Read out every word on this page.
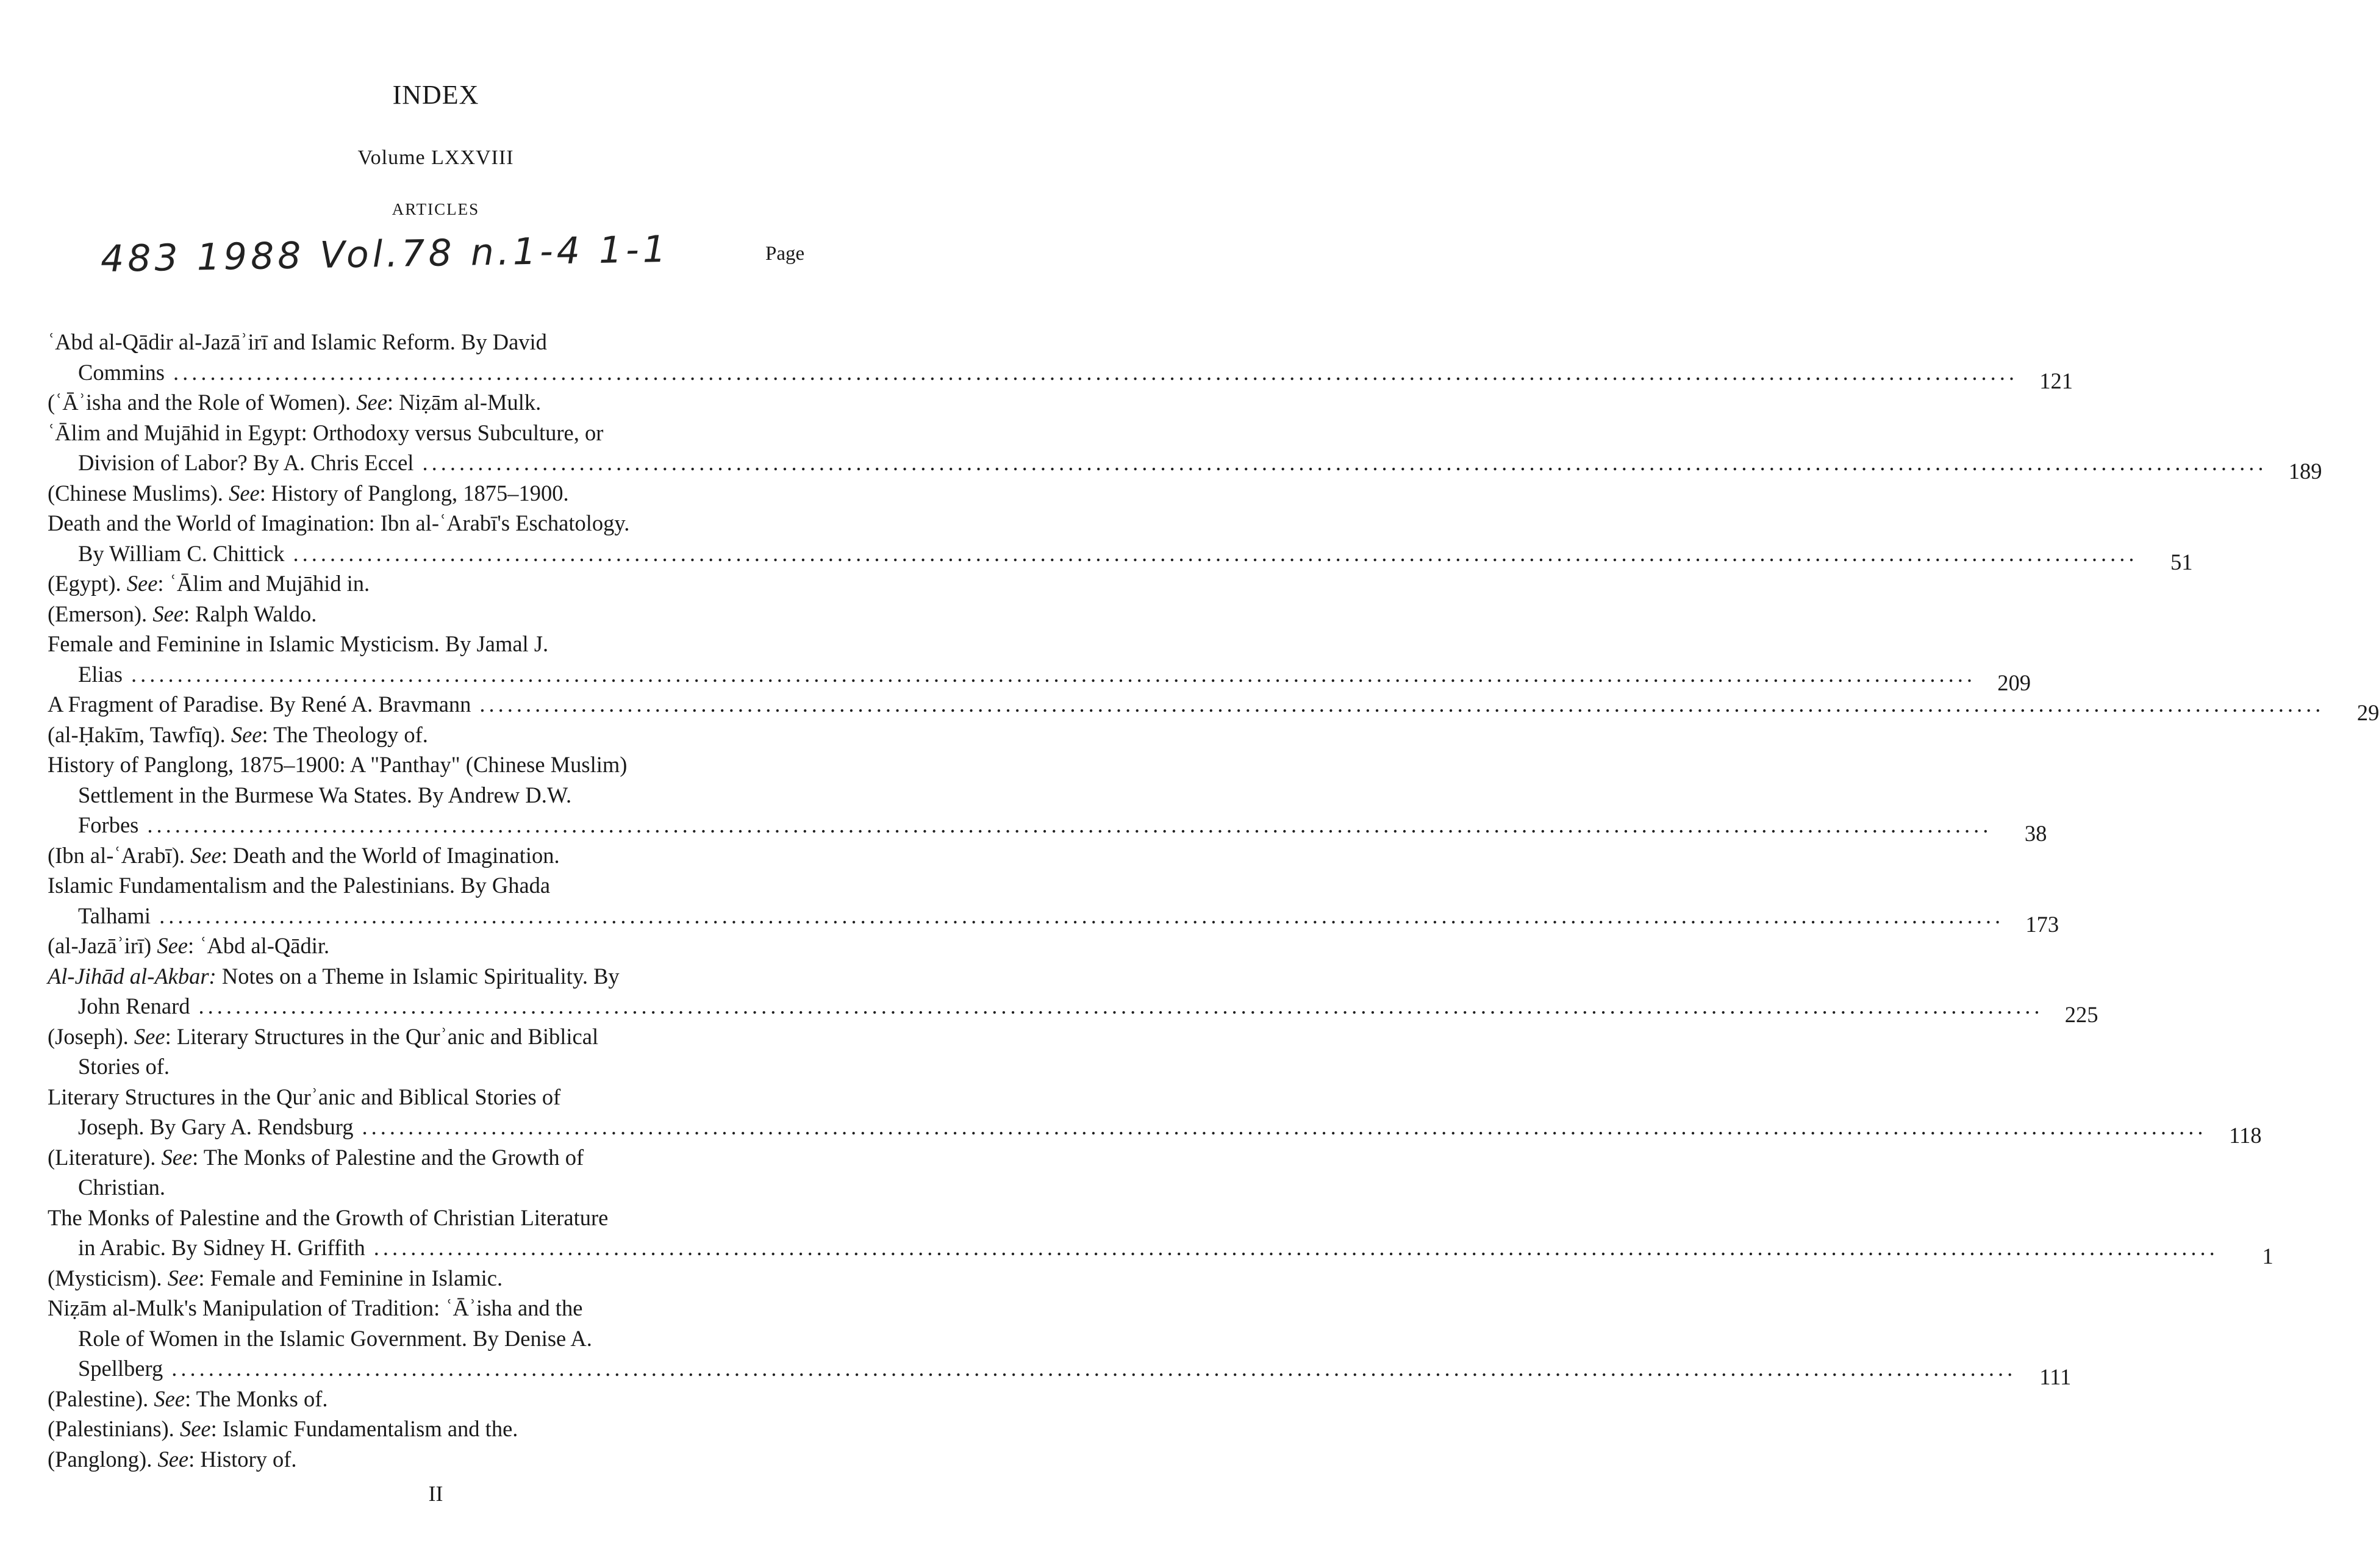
INDEX
Volume LXXVIII
ARTICLES
483 1988 Vol.78 n.1-4 1-1	Page
ʿAbd al-Qādir al-Jazāʾirī and Islamic Reform. By David
Commins ........................................................................................................................................................................................................ 121
(ʿĀʾisha and the Role of Women). See: Niẓām al-Mulk.
ʿĀlim and Mujāhid in Egypt: Orthodoxy versus Subculture, or
Division of Labor? By A. Chris Eccel ........................................................................................................................................................................................................ 189
(Chinese Muslims). See: History of Panglong, 1875–1900.
Death and the World of Imagination: Ibn al-ʿArabī's Eschatology.
By William C. Chittick ........................................................................................................................................................................................................	51
(Egypt). See: ʿĀlim and Mujāhid in.
(Emerson). See: Ralph Waldo.
Female and Feminine in Islamic Mysticism. By Jamal J.
Elias ........................................................................................................................................................................................................ 209
A Fragment of Paradise. By René A. Bravmann ........................................................................................................................................................................................................	29
(al-Ḥakīm, Tawfīq). See: The Theology of.
History of Panglong, 1875–1900: A "Panthay" (Chinese Muslim)
Settlement in the Burmese Wa States. By Andrew D.W.
Forbes ........................................................................................................................................................................................................	38
(Ibn al-ʿArabī). See: Death and the World of Imagination.
Islamic Fundamentalism and the Palestinians. By Ghada
Talhami ........................................................................................................................................................................................................ 173
(al-Jazāʾirī) See: ʿAbd al-Qādir.
Al-Jihād al-Akbar: Notes on a Theme in Islamic Spirituality. By
John Renard ........................................................................................................................................................................................................ 225
(Joseph). See: Literary Structures in the Qurʾanic and Biblical
Stories of.
Literary Structures in the Qurʾanic and Biblical Stories of
Joseph. By Gary A. Rendsburg ........................................................................................................................................................................................................	118
(Literature). See: The Monks of Palestine and the Growth of
Christian.
The Monks of Palestine and the Growth of Christian Literature
in Arabic. By Sidney H. Griffith ........................................................................................................................................................................................................	1
(Mysticism). See: Female and Feminine in Islamic.
Niẓām al-Mulk's Manipulation of Tradition: ʿĀʾisha and the
Role of Women in the Islamic Government. By Denise A.
Spellberg ........................................................................................................................................................................................................	111
(Palestine). See: The Monks of.
(Palestinians). See: Islamic Fundamentalism and the.
(Panglong). See: History of.
II
